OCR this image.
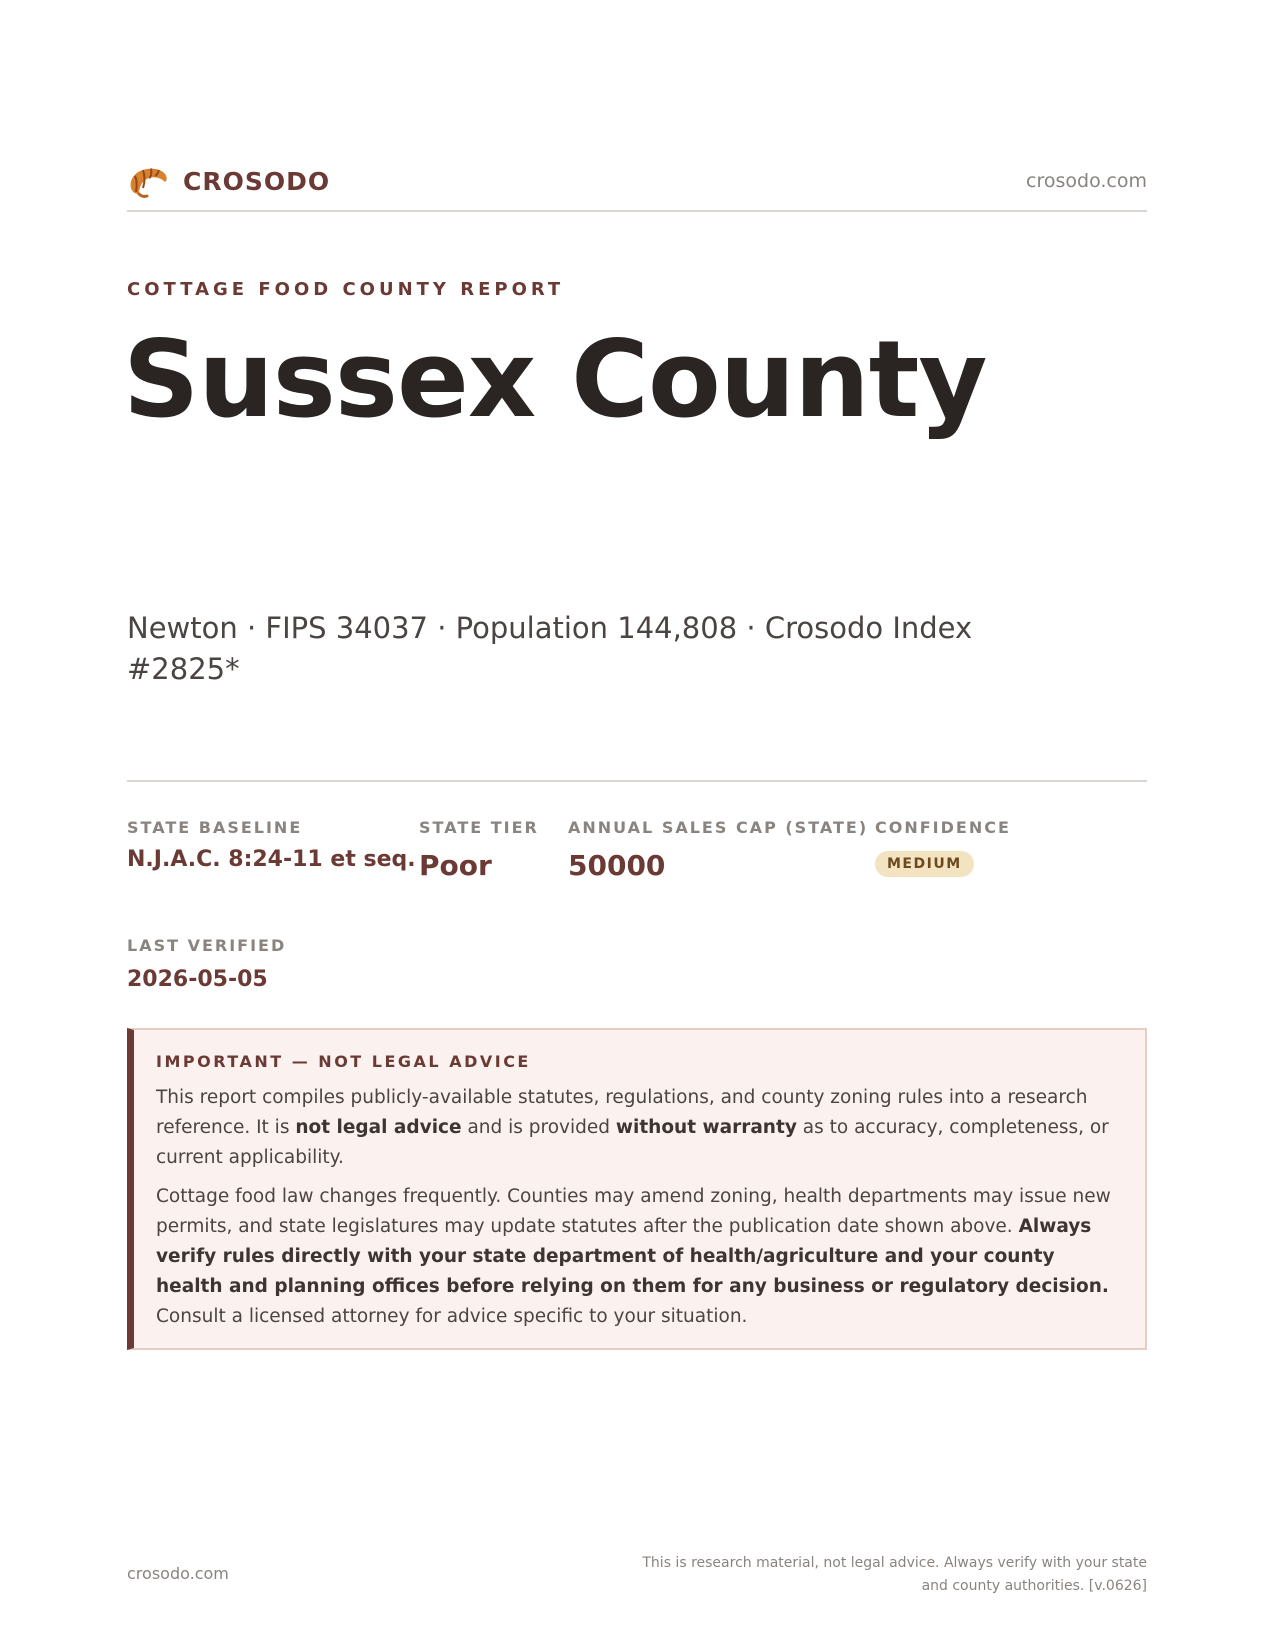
CROSODO	crosodo.com
COTTAGE FOOD COUNTY REPORT
Sussex County
Newton · FIPS 34037 · Population 144,808 · Crosodo Index #2825*
STATE BASELINE
N.J.A.C. 8:24-11 et seq.
STATE TIER
Poor
ANNUAL SALES CAP (STATE)
50000
CONFIDENCE
MEDIUM
LAST VERIFIED
2026-05-05
IMPORTANT — NOT LEGAL ADVICE

This report compiles publicly-available statutes, regulations, and county zoning rules into a research reference. It is not legal advice and is provided without warranty as to accuracy, completeness, or current applicability.

Cottage food law changes frequently. Counties may amend zoning, health departments may issue new permits, and state legislatures may update statutes after the publication date shown above. Always verify rules directly with your state department of health/agriculture and your county health and planning offices before relying on them for any business or regulatory decision. Consult a licensed attorney for advice specific to your situation.

crosodo.com
This is research material, not legal advice. Always verify with your state and county authorities. [v.0626]
